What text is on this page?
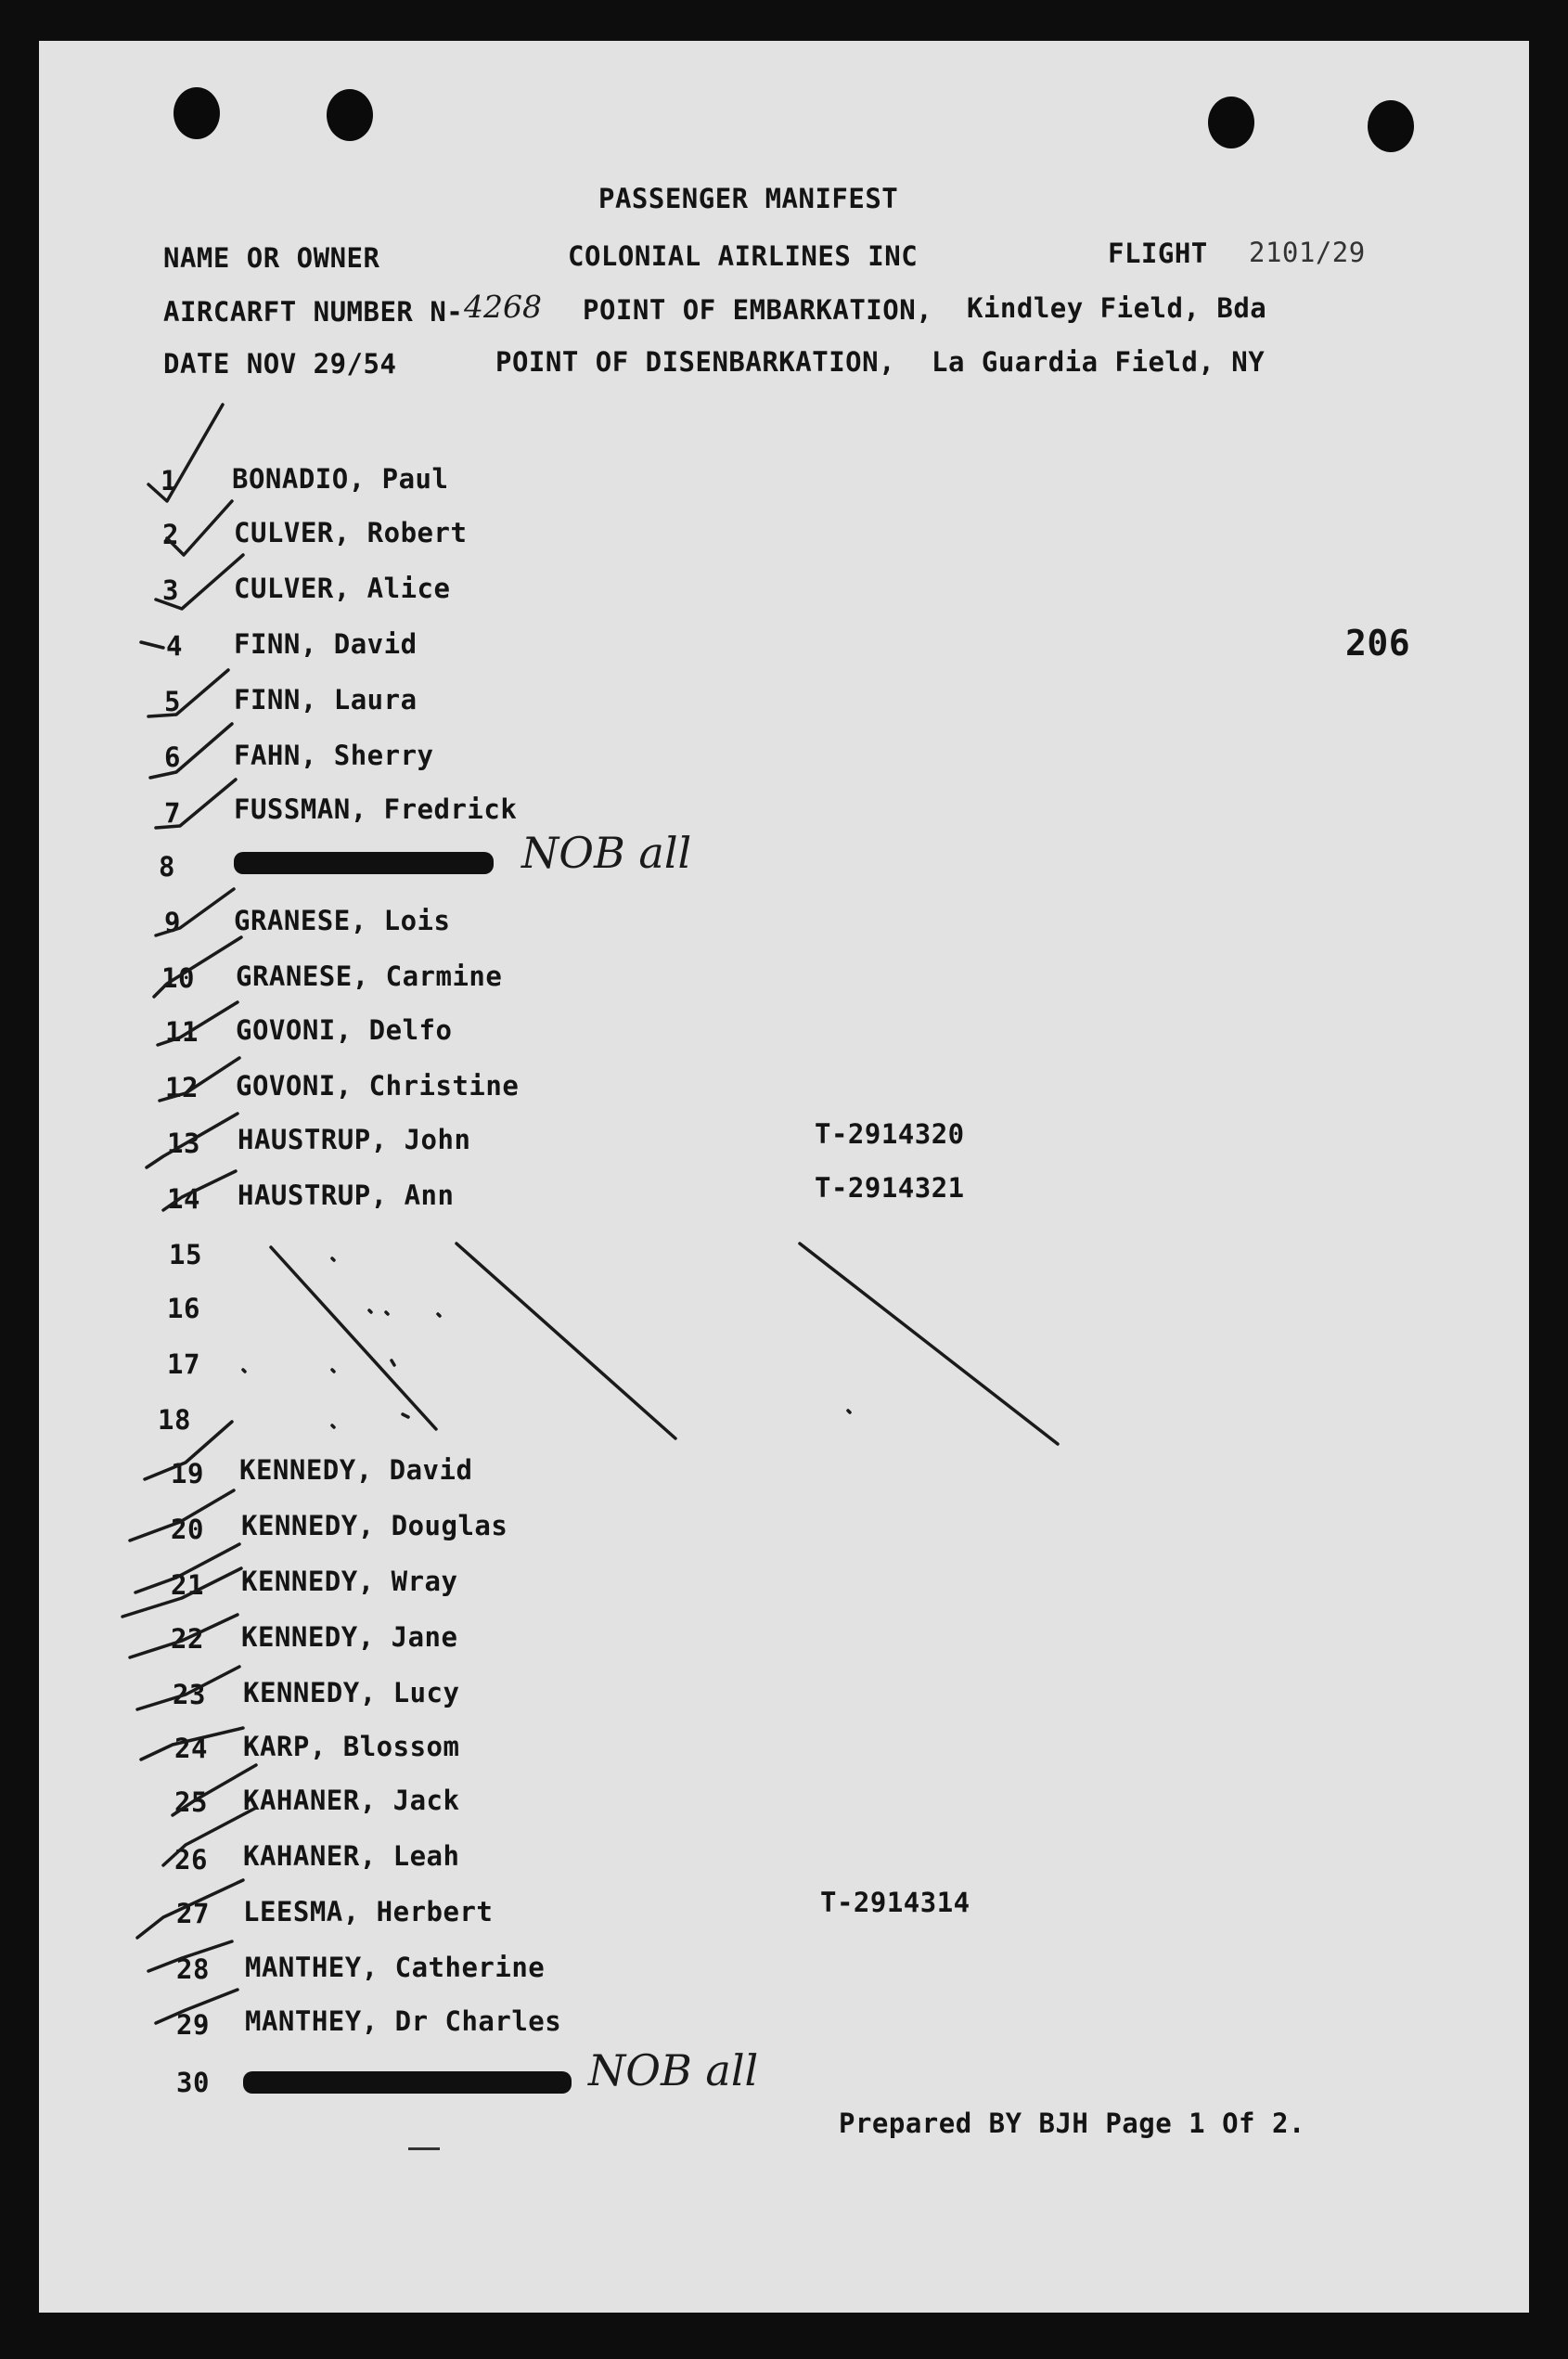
PASSENGER MANIFEST
NAME OR OWNER	COLONIAL AIRLINES INC	FLIGHT 2101/29
AIRCARFT NUMBER N- 4268 POINT OF EMBARKATION, Kindley Field, Bda
DATE NOV 29/54	POINT OF DISENBARKATION, La Guardia Field, NY
206
1	BONADIO, Paul
2	CULVER, Robert
3	CULVER, Alice
4	FINN, David
5	FINN, Laura
6	FAHN, Sherry
7	FUSSMAN, Fredrick
8	NOB all
9	GRANESE, Lois
10	GRANESE, Carmine
11	GOVONI, Delfo
12	GOVONI, Christine
13	HAUSTRUP, John	T-2914320
14	HAUSTRUP, Ann	T-2914321
15
16
17
18
19	KENNEDY, David
20	KENNEDY, Douglas
21	KENNEDY, Wray
22	KENNEDY, Jane
23	KENNEDY, Lucy
24	KARP, Blossom
25	KAHANER, Jack
26	KAHANER, Leah
27	LEESMA, Herbert	T-2914314
28	MANTHEY, Catherine
29	MANTHEY, Dr Charles
30	NOB all
Prepared BY BJH Page 1 Of 2.
